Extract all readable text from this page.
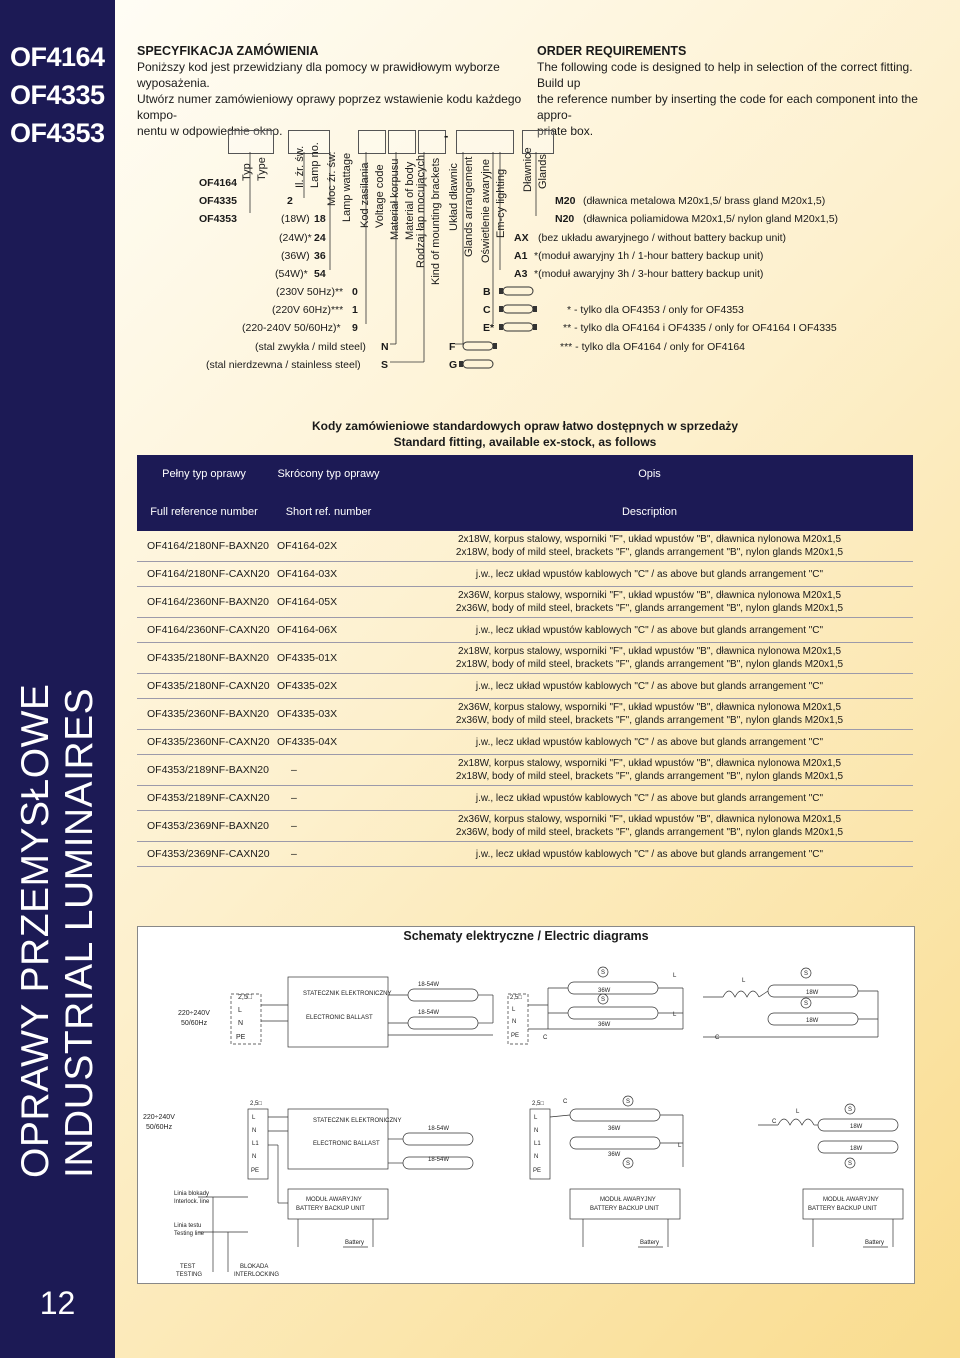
OF4164
OF4335
OF4353
OPRAWY PRZEMYSŁOWE INDUSTRIAL LUMINAIRES
12
SPECYFIKACJA ZAMÓWIENIA
Poniższy kod jest przewidziany dla pomocy w prawidłowym wyborze wyposażenia.
Utwórz numer zamówieniowy oprawy poprzez wstawienie kodu każdego kompo-
nentu w odpowiednie okno.
ORDER REQUIREMENTS
The following code is designed to help in selection of the correct fitting. Build up
the reference number by inserting the code for each component into the appro-
priate box.
-
Typ Type Il. źr. św. Lamp no. Moc źr. św. Lamp wattage Kod zasilania Voltage code Materiał korpusu Material of body Rodzaj łap mocujących Kind of mounting brackets Układ dławnic Glands arrangement Oświetlenie awaryjne Em-cy lighting Dławnice Glands
OF4164
OF4335
OF4353
2
(18W) 18
(24W)* 24
(36W) 36
(54W)* 54
(230V 50Hz)** 0
(220V 60Hz)*** 1
(220-240V 50/60Hz)* 9
(stal zwykła / mild steel) N
(stal nierdzewna / stainless steel) S
F
G
B
C
E*
AX (bez układu awaryjnego / without battery backup unit)
A1 *(moduł awaryjny 1h / 1-hour battery backup unit)
A3 *(moduł awaryjny 3h / 3-hour battery backup unit)
M20 (dławnica metalowa M20x1,5/ brass gland M20x1,5)
N20 (dławnica poliamidowa M20x1,5/ nylon gland M20x1,5)
* - tylko dla OF4353 / only for OF4353
** - tylko dla OF4164 i OF4335 / only for OF4164 I OF4335
*** - tylko dla OF4164 / only for OF4164
Kody zamówieniowe standardowych opraw łatwo dostępnych w sprzedaży
Standard fitting, available ex-stock, as follows
Pełny typ oprawy	Skrócony typ oprawy	Opis
Full reference number	Short ref. number	Description
OF4164/2180NF-BAXN20	OF4164-02X	2x18W, korpus stalowy, wsporniki "F", układ wpustów "B", dławnica nylonowa M20x1,5
2x18W, body of mild steel, brackets "F", glands arrangement "B", nylon glands M20x1,5

OF4164/2180NF-CAXN20	OF4164-03X	j.w., lecz układ wpustów kablowych "C" / as above but glands arrangement "C"

OF4164/2360NF-BAXN20	OF4164-05X	2x36W, korpus stalowy, wsporniki "F", układ wpustów "B", dławnica nylonowa M20x1,5
2x36W, body of mild steel, brackets "F", glands arrangement "B", nylon glands M20x1,5

OF4164/2360NF-CAXN20	OF4164-06X	j.w., lecz układ wpustów kablowych "C" / as above but glands arrangement "C"

OF4335/2180NF-BAXN20	OF4335-01X	2x18W, korpus stalowy, wsporniki "F", układ wpustów "B", dławnica nylonowa M20x1,5
2x18W, body of mild steel, brackets "F", glands arrangement "B", nylon glands M20x1,5

OF4335/2180NF-CAXN20	OF4335-02X	j.w., lecz układ wpustów kablowych "C" / as above but glands arrangement "C"

OF4335/2360NF-BAXN20	OF4335-03X	2x36W, korpus stalowy, wsporniki "F", układ wpustów "B", dławnica nylonowa M20x1,5
2x36W, body of mild steel, brackets "F", glands arrangement "B", nylon glands M20x1,5

OF4335/2360NF-CAXN20	OF4335-04X	j.w., lecz układ wpustów kablowych "C" / as above but glands arrangement "C"

OF4353/2189NF-BAXN20	–	2x18W, korpus stalowy, wsporniki "F", układ wpustów "B", dławnica nylonowa M20x1,5
2x18W, body of mild steel, brackets "F", glands arrangement "B", nylon glands M20x1,5

OF4353/2189NF-CAXN20	–	j.w., lecz układ wpustów kablowych "C" / as above but glands arrangement "C"

OF4353/2369NF-BAXN20	–	2x36W, korpus stalowy, wsporniki "F", układ wpustów "B", dławnica nylonowa M20x1,5
2x36W, body of mild steel, brackets "F", glands arrangement "B", nylon glands M20x1,5

OF4353/2369NF-CAXN20	–	j.w., lecz układ wpustów kablowych "C" / as above but glands arrangement "C"
Schematy elektryczne / Electric diagrams
220÷240V
50/60Hz
2,5□
L
N
PE
STATECZNIK ELEKTRONICZNY
ELECTRONIC BALLAST
18-54W
18-54W
2,5□
L
N
PE
S
S
36W
36W
L
L
C
L
S
S
18W
18W
C
220÷240V
50/60Hz
2,5□
L
N
L1
N
PE
STATECZNIK ELEKTRONICZNY
ELECTRONIC BALLAST
18-54W
18-54W
MODUŁ AWARYJNY
BATTERY BACKUP UNIT
Battery
Linia blokady
Interlock. line
Linia testu
Testing line
TEST
TESTING
BLOKADA
INTERLOCKING
2,5□
L
N
L1
N
PE
S
S
36W
36W
C
L
MODUŁ AWARYJNY
BATTERY BACKUP UNIT
Battery
L
C
S
S
18W
18W
MODUŁ AWARYJNY
BATTERY BACKUP UNIT
Battery
